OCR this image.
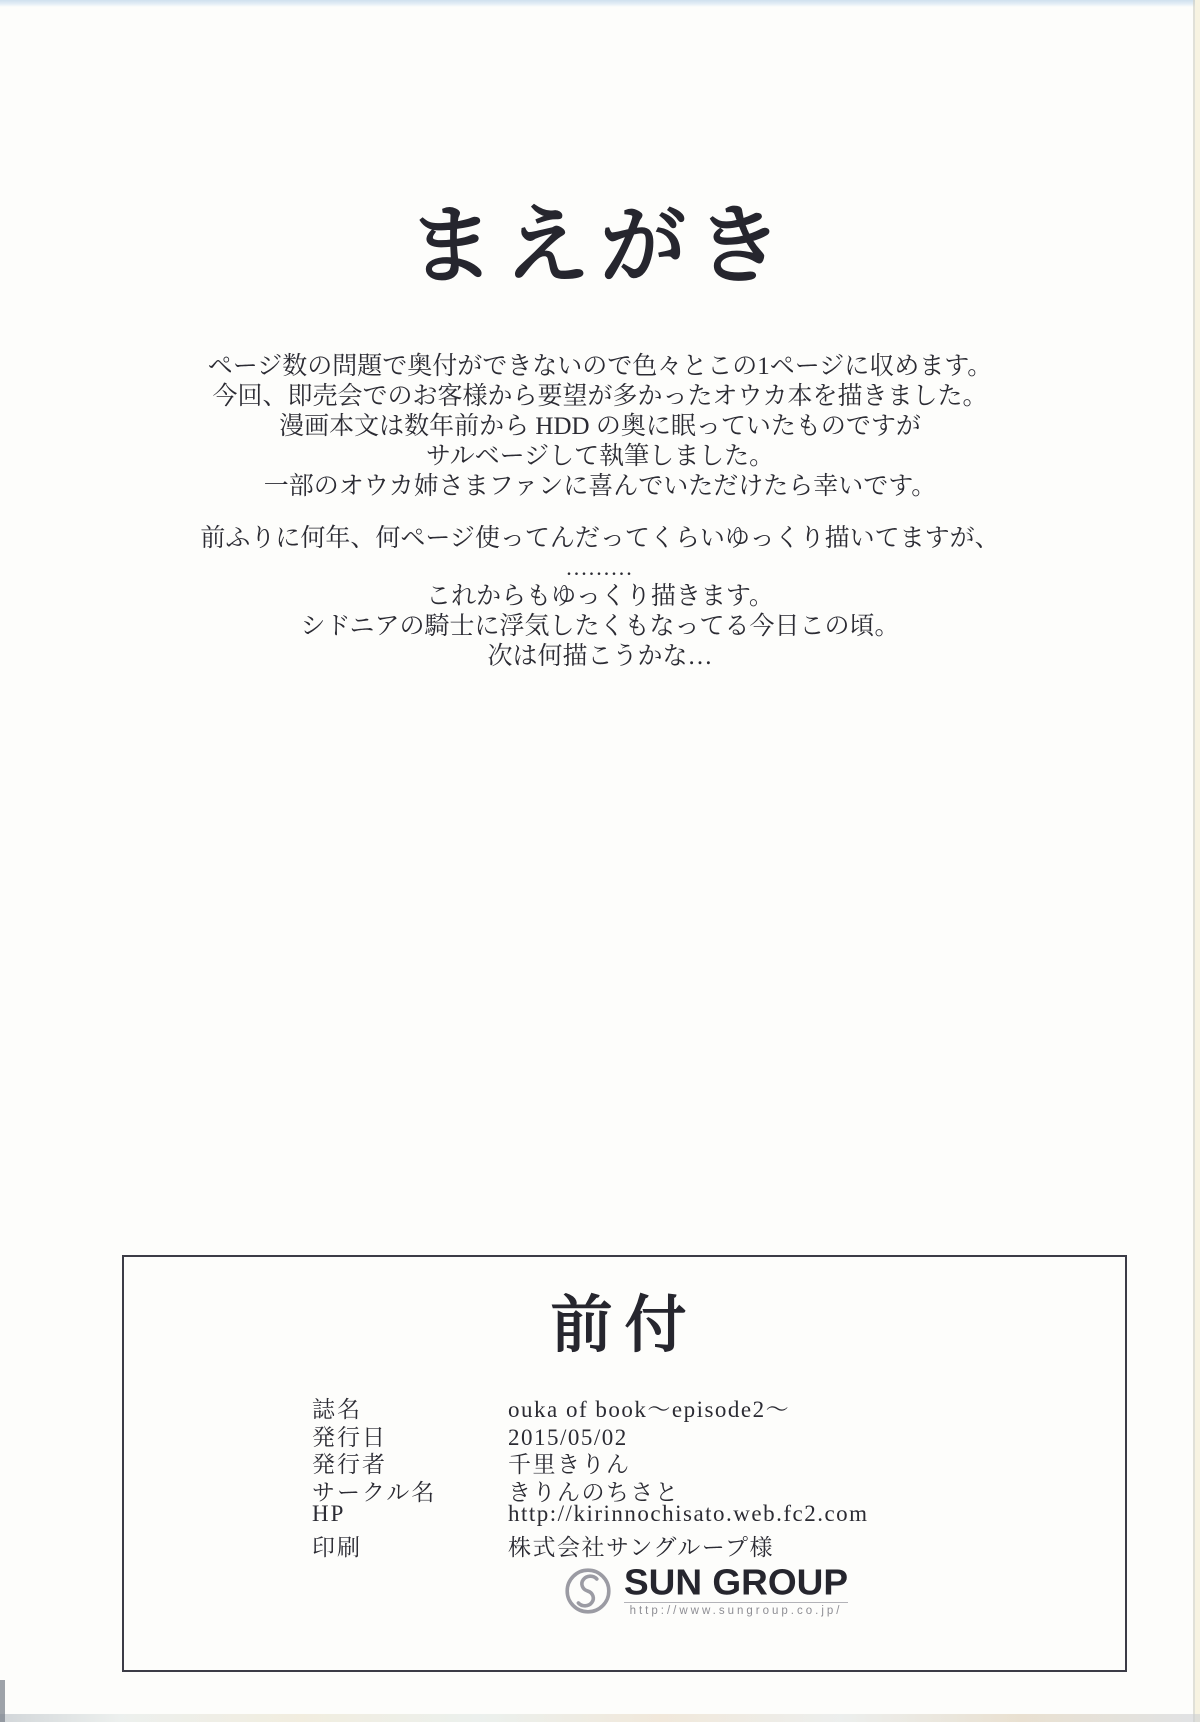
まえがき
ページ数の問題で奥付ができないので色々とこの1ページに収めます。
今回、即売会でのお客様から要望が多かったオウカ本を描きました。
漫画本文は数年前から HDD の奥に眠っていたものですが
サルベージして執筆しました。
一部のオウカ姉さまファンに喜んでいただけたら幸いです。
前ふりに何年、何ページ使ってんだってくらいゆっくり描いてますが、
.........
これからもゆっくり描きます。
シドニアの騎士に浮気したくもなってる今日この頃。
次は何描こうかな…
前付
誌名	ouka of book～episode2～
発行日	2015/05/02
発行者	千里きりん
サークル名	きりんのちさと
HP	http://kirinnochisato.web.fc2.com
印刷	株式会社サングループ様
SUN GROUP
http://www.sungroup.co.jp/
